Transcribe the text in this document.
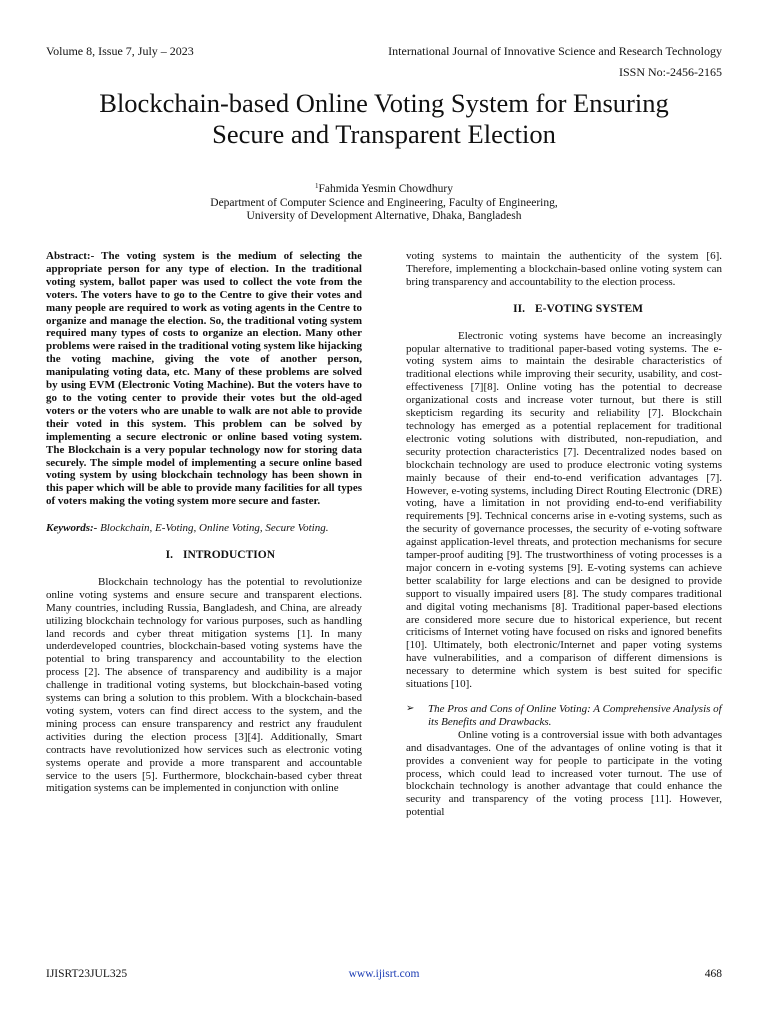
Volume 8, Issue 7, July – 2023	International Journal of Innovative Science and Research Technology
ISSN No:-2456-2165
Blockchain-based Online Voting System for Ensuring
Secure and Transparent Election
$^1$Fahmida Yesmin Chowdhury
Department of Computer Science and Engineering, Faculty of Engineering,
University of Development Alternative, Dhaka, Bangladesh

Abstract:- The voting system is the medium of selecting the appropriate person for any type of election. In the traditional voting system, ballot paper was used to collect the vote from the voters. The voters have to go to the Centre to give their votes and many people are required to work as voting agents in the Centre to organize and manage the election. So, the traditional voting system required many types of costs to organize an election. Many other problems were raised in the traditional voting system like hijacking the voting machine, giving the vote of another person, manipulating voting data, etc. Many of these problems are solved by using EVM (Electronic Voting Machine). But the voters have to go to the voting center to provide their votes but the old-aged voters or the voters who are unable to walk are not able to provide their voted in this system. This problem can be solved by implementing a secure electronic or online based voting system. The Blockchain is a very popular technology now for storing data securely. The simple model of implementing a secure online based voting system by using blockchain technology has been shown in this paper which will be able to provide many facilities for all types of voters making the voting system more secure and faster.

Keywords:- Blockchain, E-Voting, Online Voting, Secure Voting.

I. INTRODUCTION

Blockchain technology has the potential to revolutionize online voting systems and ensure secure and transparent elections. Many countries, including Russia, Bangladesh, and China, are already utilizing blockchain technology for various purposes, such as handling land records and cyber threat mitigation systems [1]. In many underdeveloped countries, blockchain-based voting systems have the potential to bring transparency and accountability to the election process [2]. The absence of transparency and audibility is a major challenge in traditional voting systems, but blockchain-based voting systems can bring a solution to this problem. With a blockchain-based voting system, voters can find direct access to the system, and the mining process can ensure transparency and restrict any fraudulent activities during the election process [3][4]. Additionally, Smart contracts have revolutionized how services such as electronic voting systems operate and provide a more transparent and accountable service to the users [5]. Furthermore, blockchain-based cyber threat mitigation systems can be implemented in conjunction with online

voting systems to maintain the authenticity of the system [6]. Therefore, implementing a blockchain-based online voting system can bring transparency and accountability to the election process.

II. E-VOTING SYSTEM

Electronic voting systems have become an increasingly popular alternative to traditional paper-based voting systems. The e-voting system aims to maintain the desirable characteristics of traditional elections while improving their security, usability, and cost-effectiveness [7][8]. Online voting has the potential to decrease organizational costs and increase voter turnout, but there is still skepticism regarding its security and reliability [7]. Blockchain technology has emerged as a potential replacement for traditional electronic voting solutions with distributed, non-repudiation, and security protection characteristics [7]. Decentralized nodes based on blockchain technology are used to produce electronic voting systems mainly because of their end-to-end verification advantages [7]. However, e-voting systems, including Direct Routing Electronic (DRE) voting, have a limitation in not providing end-to-end verifiability requirements [9]. Technical concerns arise in e-voting systems, such as the security of governance processes, the security of e-voting software against application-level threats, and protection mechanisms for secure tamper-proof auditing [9]. The trustworthiness of voting processes is a major concern in e-voting systems [9]. E-voting systems can achieve better scalability for large elections and can be designed to provide support to visually impaired users [8]. The study compares traditional and digital voting mechanisms [8]. Traditional paper-based elections are considered more secure due to historical experience, but recent criticisms of Internet voting have focused on risks and ignored benefits [10]. Ultimately, both electronic/Internet and paper voting systems have vulnerabilities, and a comparison of different dimensions is necessary to determine which system is best suited for specific situations [10].

➢	The Pros and Cons of Online Voting: A Comprehensive Analysis of its Benefits and Drawbacks.

Online voting is a controversial issue with both advantages and disadvantages. One of the advantages of online voting is that it provides a convenient way for people to participate in the voting process, which could lead to increased voter turnout. The use of blockchain technology is another advantage that could enhance the security and transparency of the voting process [11]. However, potential

IJISRT23JUL325	www.ijisrt.com	468
